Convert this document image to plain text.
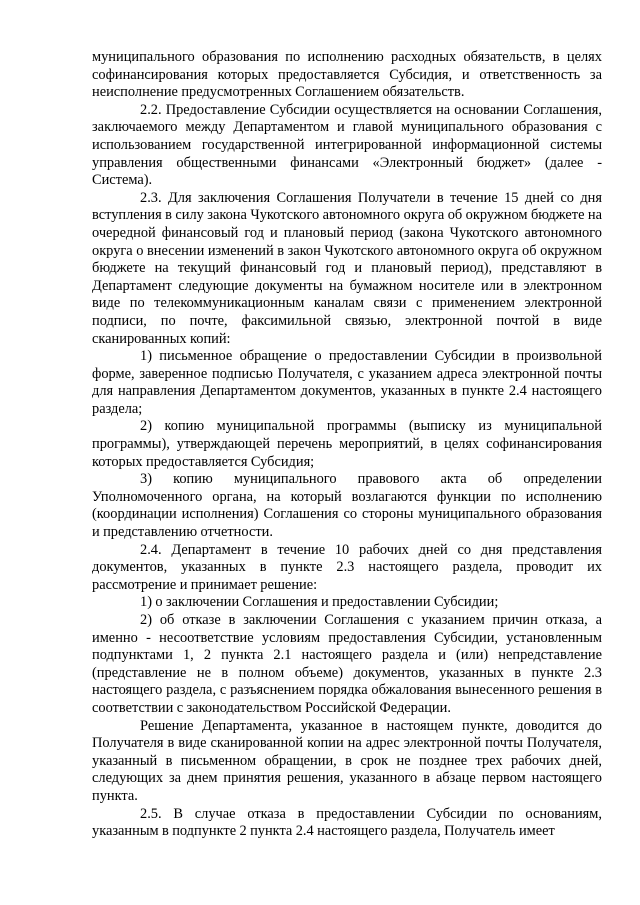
муниципального образования по исполнению расходных обязательств, в целях софинансирования которых предоставляется Субсидия, и ответственность за неисполнение предусмотренных Соглашением обязательств.

2.2. Предоставление Субсидии осуществляется на основании Соглашения, заключаемого между Департаментом и главой муниципального образования с использованием государственной интегрированной информационной системы управления общественными финансами «Электронный бюджет» (далее - Система).

2.3. Для заключения Соглашения Получатели в течение 15 дней со дня вступления в силу закона Чукотского автономного округа об окружном бюджете на очередной финансовый год и плановый период (закона Чукотского автономного округа о внесении изменений в закон Чукотского автономного округа об окружном бюджете на текущий финансовый год и плановый период), представляют в Департамент следующие документы на бумажном носителе или в электронном виде по телекоммуникационным каналам связи с применением электронной подписи, по почте, факсимильной связью, электронной почтой в виде сканированных копий:

1) письменное обращение о предоставлении Субсидии в произвольной форме, заверенное подписью Получателя, с указанием адреса электронной почты для направления Департаментом документов, указанных в пункте 2.4 настоящего раздела;

2) копию муниципальной программы (выписку из муниципальной программы), утверждающей перечень мероприятий, в целях софинансирования которых предоставляется Субсидия;

3) копию муниципального правового акта об определении Уполномоченного органа, на который возлагаются функции по исполнению (координации исполнения) Соглашения со стороны муниципального образования и представлению отчетности.

2.4. Департамент в течение 10 рабочих дней со дня представления документов, указанных в пункте 2.3 настоящего раздела, проводит их рассмотрение и принимает решение:

1) о заключении Соглашения и предоставлении Субсидии;

2) об отказе в заключении Соглашения с указанием причин отказа, а именно - несоответствие условиям предоставления Субсидии, установленным подпунктами 1, 2 пункта 2.1 настоящего раздела и (или) непредставление (представление не в полном объеме) документов, указанных в пункте 2.3 настоящего раздела, с разъяснением порядка обжалования вынесенного решения в соответствии с законодательством Российской Федерации.

Решение Департамента, указанное в настоящем пункте, доводится до Получателя в виде сканированной копии на адрес электронной почты Получателя, указанный в письменном обращении, в срок не позднее трех рабочих дней, следующих за днем принятия решения, указанного в абзаце первом настоящего пункта.

2.5. В случае отказа в предоставлении Субсидии по основаниям, указанным в подпункте 2 пункта 2.4 настоящего раздела, Получатель имеет
